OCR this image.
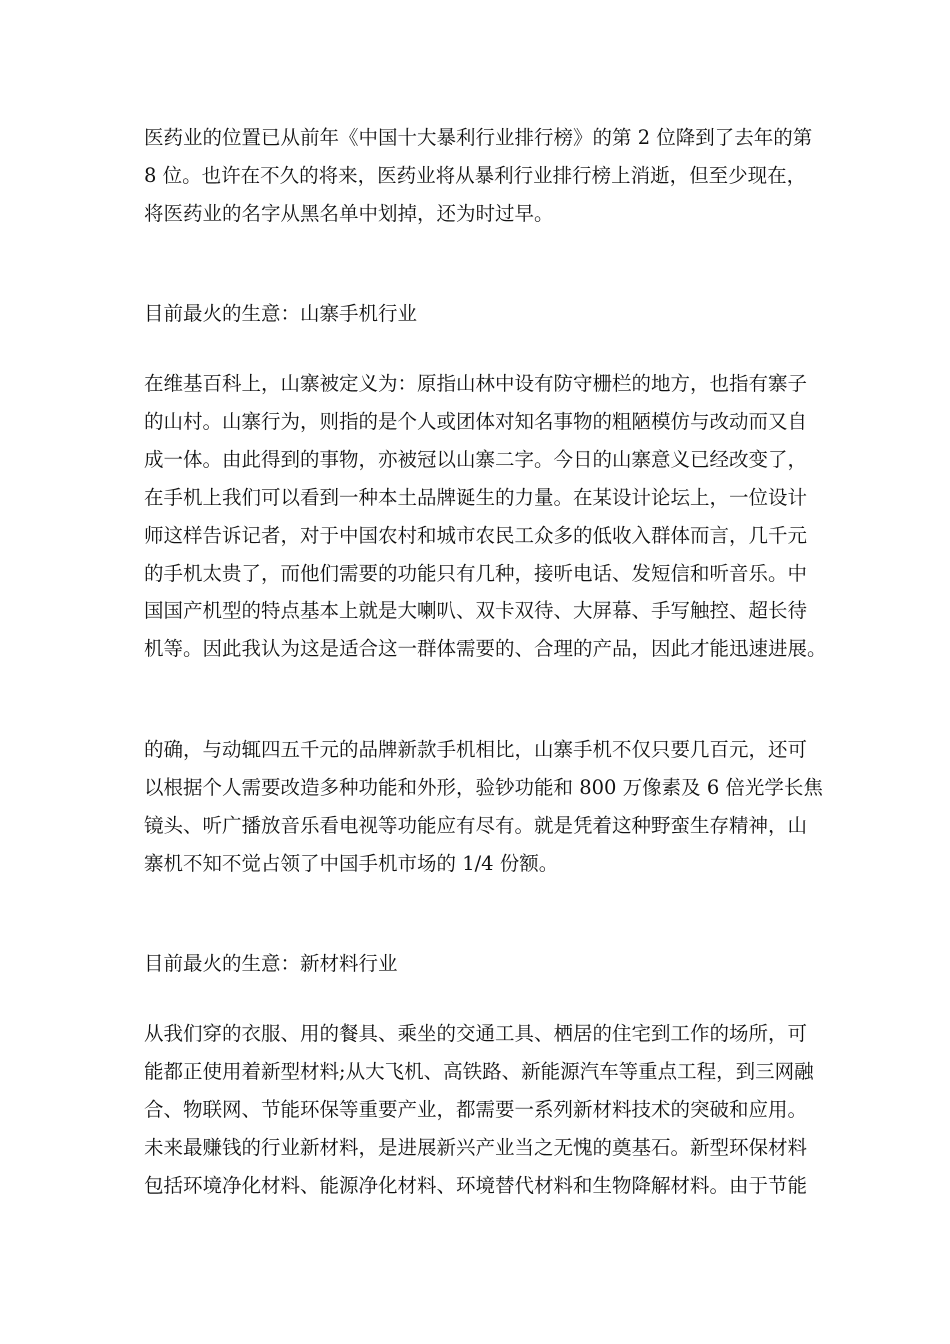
医药业的位置已从前年《中国十大暴利行业排行榜》的第 2 位降到了去年的第

8 位。也许在不久的将来，医药业将从暴利行业排行榜上消逝，但至少现在，

将医药业的名字从黑名单中划掉，还为时过早。

目前最火的生意：山寨手机行业

在维基百科上，山寨被定义为：原指山林中设有防守栅栏的地方，也指有寨子

的山村。山寨行为，则指的是个人或团体对知名事物的粗陋模仿与改动而又自

成一体。由此得到的事物，亦被冠以山寨二字。今日的山寨意义已经改变了，

在手机上我们可以看到一种本土品牌诞生的力量。在某设计论坛上，一位设计

师这样告诉记者，对于中国农村和城市农民工众多的低收入群体而言，几千元

的手机太贵了，而他们需要的功能只有几种，接听电话、发短信和听音乐。中

国国产机型的特点基本上就是大喇叭、双卡双待、大屏幕、手写触控、超长待

机等。因此我认为这是适合这一群体需要的、合理的产品，因此才能迅速进展。

的确，与动辄四五千元的品牌新款手机相比，山寨手机不仅只要几百元，还可

以根据个人需要改造多种功能和外形，验钞功能和 800 万像素及 6 倍光学长焦

镜头、听广播放音乐看电视等功能应有尽有。就是凭着这种野蛮生存精神，山

寨机不知不觉占领了中国手机市场的 1/4 份额。

目前最火的生意：新材料行业

从我们穿的衣服、用的餐具、乘坐的交通工具、栖居的住宅到工作的场所，可

能都正使用着新型材料;从大飞机、高铁路、新能源汽车等重点工程，到三网融

合、物联网、节能环保等重要产业，都需要一系列新材料技术的突破和应用。

未来最赚钱的行业新材料，是进展新兴产业当之无愧的奠基石。新型环保材料

包括环境净化材料、能源净化材料、环境替代材料和生物降解材料。由于节能
